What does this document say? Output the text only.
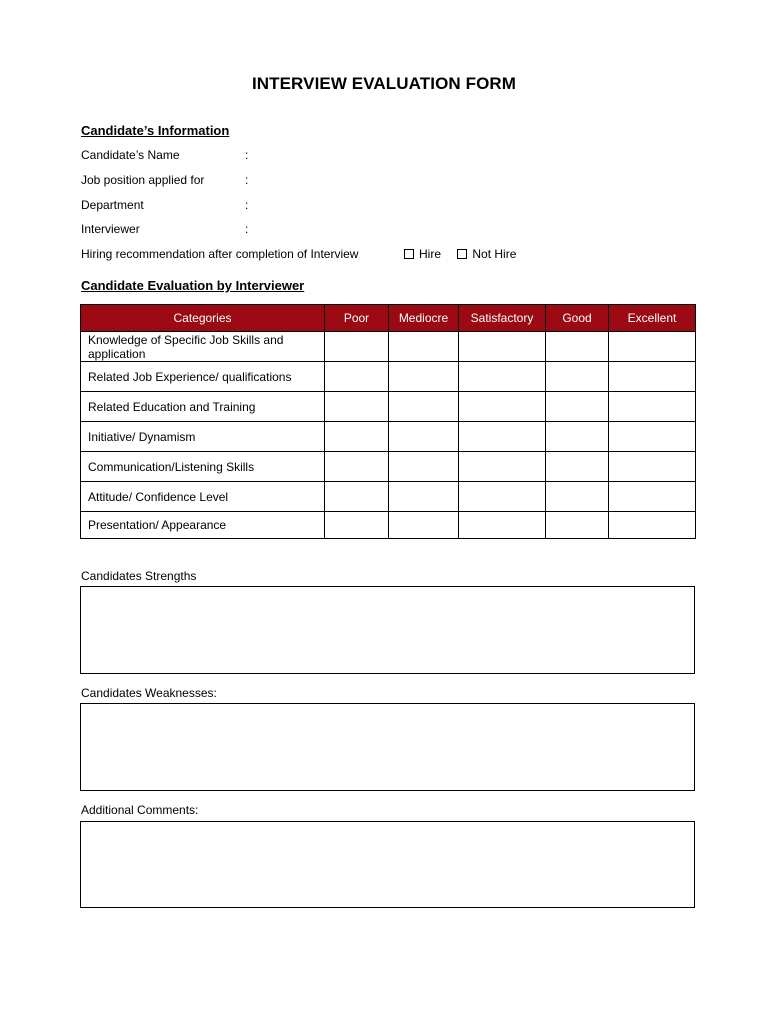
INTERVIEW EVALUATION FORM
Candidate’s Information
Candidate’s Name	:
Job position applied for	:
Department	:
Interviewer	:
Hiring recommendation after completion of Interview	Hire	Not Hire
Candidate Evaluation by Interviewer
Categories	Poor	Mediocre	Satisfactory	Good	Excellent
Knowledge of Specific Job Skills and application					
Related Job Experience/ qualifications					
Related Education and Training					
Initiative/ Dynamism					
Communication/Listening Skills					
Attitude/ Confidence Level					
Presentation/ Appearance					
Candidates Strengths
Candidates Weaknesses:
Additional Comments:
